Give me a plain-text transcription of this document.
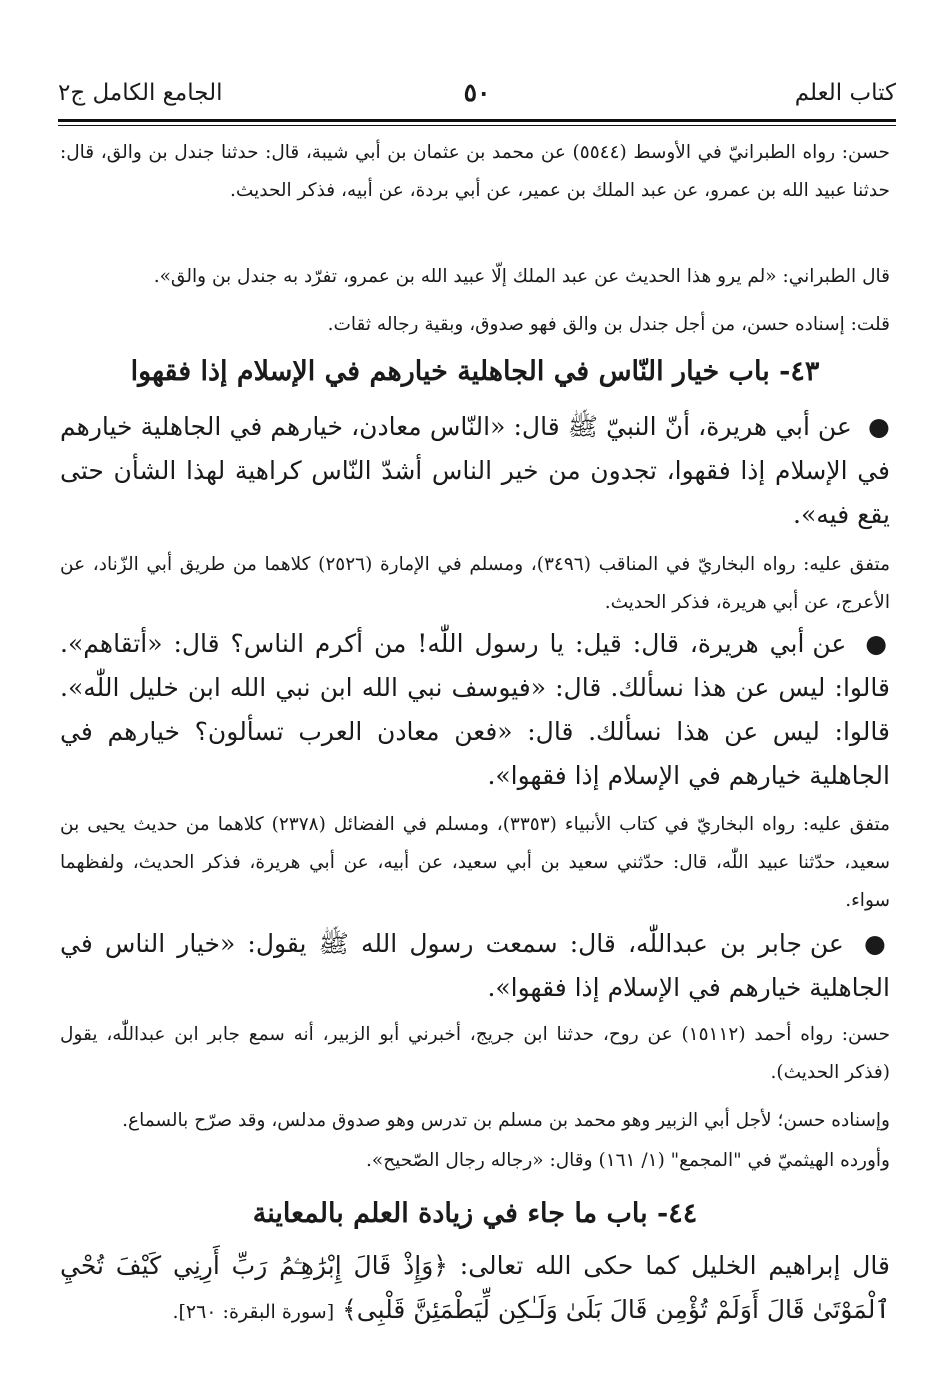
كتاب العلم
٥٠
الجامع الكامل ج٢
حسن: رواه الطبرانيّ في الأوسط (٥٥٤٤) عن محمد بن عثمان بن أبي شيبة، قال: حدثنا جندل بن والق، قال: حدثنا عبيد الله بن عمرو، عن عبد الملك بن عمير، عن أبي بردة، عن أبيه، فذكر الحديث.
قال الطبراني: «لم يرو هذا الحديث عن عبد الملك إلّا عبيد الله بن عمرو، تفرّد به جندل بن والق».
قلت: إسناده حسن، من أجل جندل بن والق فهو صدوق، وبقية رجاله ثقات.
٤٣- باب خيار النّاس في الجاهلية خيارهم في الإسلام إذا فقهوا
● عن أبي هريرة، أنّ النبيّ ﷺ قال: «النّاس معادن، خيارهم في الجاهلية خيارهم في الإسلام إذا فقهوا، تجدون من خير الناس أشدّ النّاس كراهية لهذا الشأن حتى يقع فيه».
متفق عليه: رواه البخاريّ في المناقب (٣٤٩٦)، ومسلم في الإمارة (٢٥٢٦) كلاهما من طريق أبي الزّناد، عن الأعرج، عن أبي هريرة، فذكر الحديث.
● عن أبي هريرة، قال: قيل: يا رسول اللّٰه! من أكرم الناس؟ قال: «أتقاهم». قالوا: ليس عن هذا نسألك. قال: «فيوسف نبي الله ابن نبي الله ابن خليل اللّٰه». قالوا: ليس عن هذا نسألك. قال: «فعن معادن العرب تسألون؟ خيارهم في الجاهلية خيارهم في الإسلام إذا فقهوا».
متفق عليه: رواه البخاريّ في كتاب الأنبياء (٣٣٥٣)، ومسلم في الفضائل (٢٣٧٨) كلاهما من حديث يحيى بن سعيد، حدّثنا عبيد اللّٰه، قال: حدّثني سعيد بن أبي سعيد، عن أبيه، عن أبي هريرة، فذكر الحديث، ولفظهما سواء.
● عن جابر بن عبداللّٰه، قال: سمعت رسول الله ﷺ يقول: «خيار الناس في الجاهلية خيارهم في الإسلام إذا فقهوا».
حسن: رواه أحمد (١٥١١٢) عن روح، حدثنا ابن جريج، أخبرني أبو الزبير، أنه سمع جابر ابن عبداللّٰه، يقول (فذكر الحديث).
وإسناده حسن؛ لأجل أبي الزبير وهو محمد بن مسلم بن تدرس وهو صدوق مدلس، وقد صرّح بالسماع.
وأورده الهيثميّ في "المجمع" (١/ ١٦١) وقال: «رجاله رجال الصّحيح».
٤٤- باب ما جاء في زيادة العلم بالمعاينة
قال إبراهيم الخليل كما حكى الله تعالى: ﴿وَإِذْ قَالَ إِبْرَٰهِـۧمُ رَبِّ أَرِنِي كَيْفَ تُحْيِ ٱلْمَوْتَىٰ قَالَ أَوَلَمْ تُؤْمِن قَالَ بَلَىٰ وَلَـٰكِن لِّيَطْمَئِنَّ قَلْبِى﴾ [سورة البقرة: ٢٦٠].
